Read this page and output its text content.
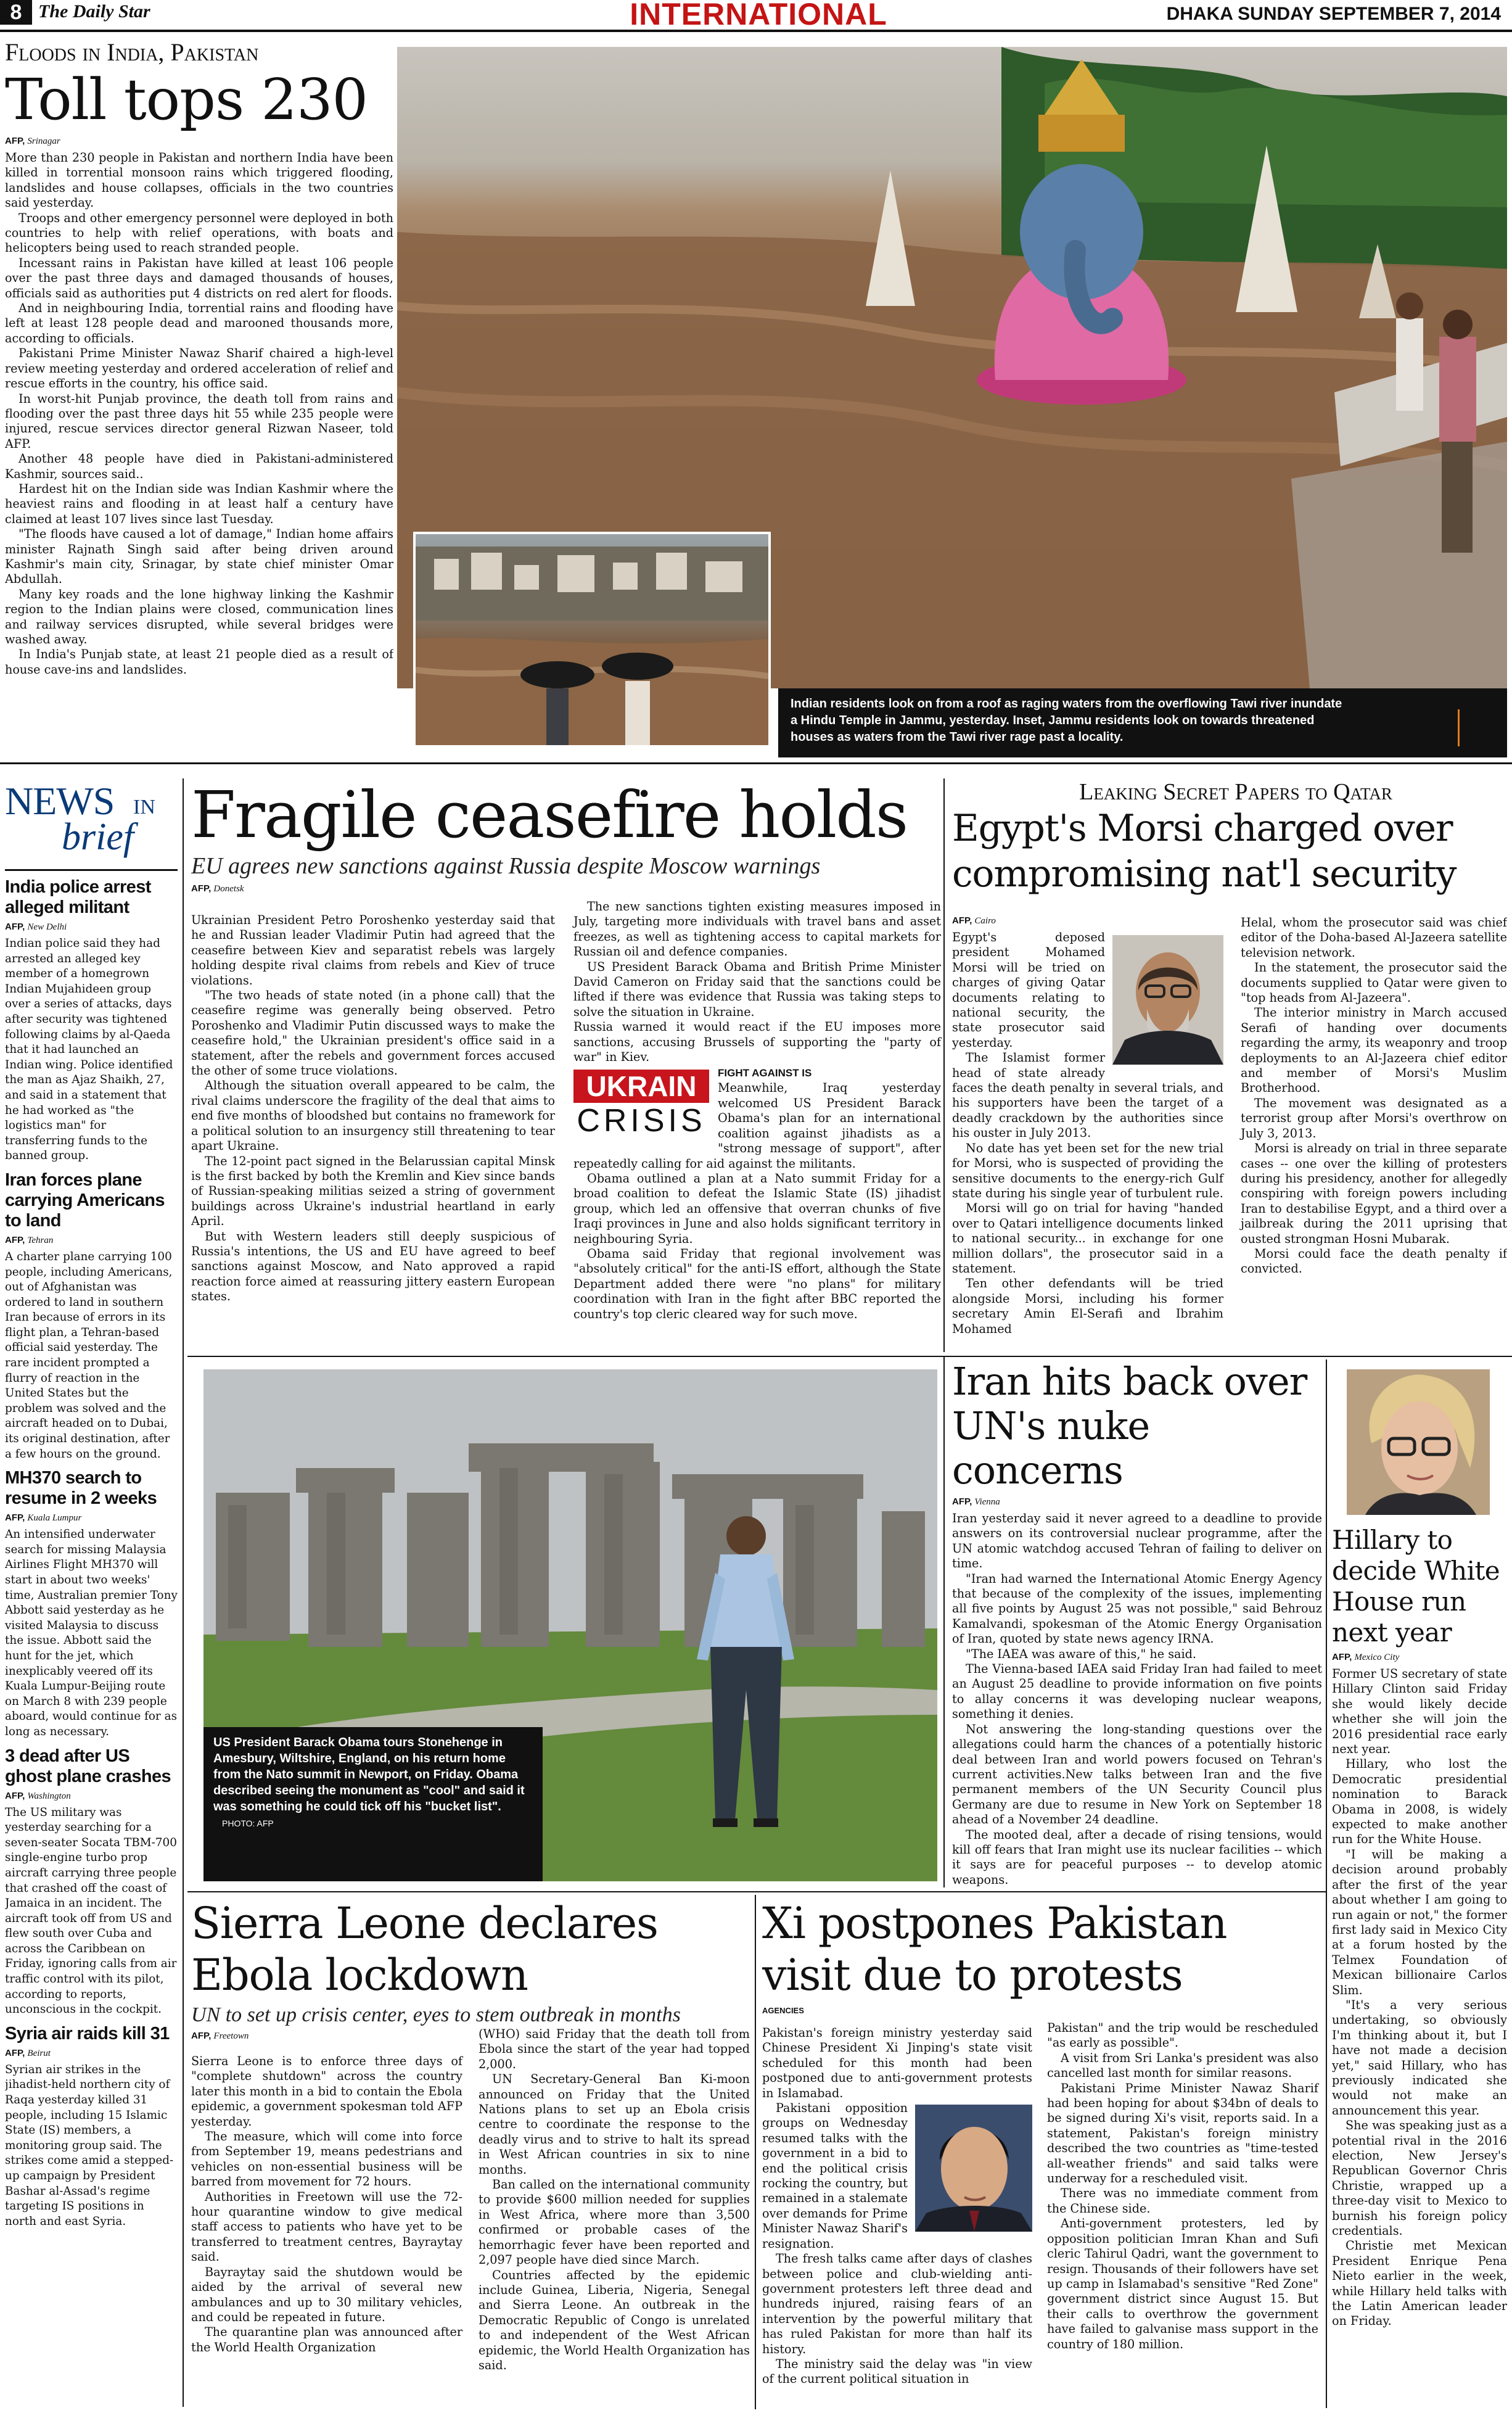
8 The Daily Star	INTERNATIONAL	DHAKA SUNDAY SEPTEMBER 7, 2014
Floods in India, Pakistan
Toll tops 230
AFP, Srinagar

More than 230 people in Pakistan and northern India have been killed in torrential monsoon rains which triggered flooding, landslides and house collapses, officials in the two countries said yesterday.

Troops and other emergency personnel were deployed in both countries to help with relief operations, with boats and helicopters being used to reach stranded people.

Incessant rains in Pakistan have killed at least 106 people over the past three days and damaged thousands of houses, officials said as authorities put 4 districts on red alert for floods.

And in neighbouring India, torrential rains and flooding have left at least 128 people dead and marooned thousands more, according to officials.

Pakistani Prime Minister Nawaz Sharif chaired a high-level review meeting yesterday and ordered acceleration of relief and rescue efforts in the country, his office said.

In worst-hit Punjab province, the death toll from rains and flooding over the past three days hit 55 while 235 people were injured, rescue services director general Rizwan Naseer, told AFP.

Another 48 people have died in Pakistani-administered Kashmir, sources said..

Hardest hit on the Indian side was Indian Kashmir where the heaviest rains and flooding in at least half a century have claimed at least 107 lives since last Tuesday.

"The floods have caused a lot of damage," Indian home affairs minister Rajnath Singh said after being driven around Kashmir's main city, Srinagar, by state chief minister Omar Abdullah.

Many key roads and the lone highway linking the Kashmir region to the Indian plains were closed, communication lines and railway services disrupted, while several bridges were washed away.

In India's Punjab state, at least 21 people died as a result of house cave-ins and landslides.

Indian residents look on from a roof as raging waters from the overflowing Tawi river inundate a Hindu Temple in Jammu, yesterday. Inset, Jammu residents look on towards threatened houses as waters from the Tawi river rage past a locality.
PHOTO:
AFP
NEWS IN
brief
India police arrest alleged militant
AFP, New Delhi

Indian police said they had arrested an alleged key member of a homegrown Indian Mujahideen group over a series of attacks, days after security was tightened following claims by al-Qaeda that it had launched an Indian wing. Police identified the man as Ajaz Shaikh, 27, and said in a statement that he had worked as "the logistics man" for transferring funds to the banned group.

Iran forces plane carrying Americans to land
AFP, Tehran

A charter plane carrying 100 people, including Americans, out of Afghanistan was ordered to land in southern Iran because of errors in its flight plan, a Tehran-based official said yesterday. The rare incident prompted a flurry of reaction in the United States but the problem was solved and the aircraft headed on to Dubai, its original destination, after a few hours on the ground.

MH370 search to resume in 2 weeks
AFP, Kuala Lumpur

An intensified underwater search for missing Malaysia Airlines Flight MH370 will start in about two weeks' time, Australian premier Tony Abbott said yesterday as he visited Malaysia to discuss the issue. Abbott said the hunt for the jet, which inexplicably veered off its Kuala Lumpur-Beijing route on March 8 with 239 people aboard, would continue for as long as necessary.

3 dead after US ghost plane crashes
AFP, Washington

The US military was yesterday searching for a seven-seater Socata TBM-700 single-engine turbo prop aircraft carrying three people that crashed off the coast of Jamaica in an incident. The aircraft took off from US and flew south over Cuba and across the Caribbean on Friday, ignoring calls from air traffic control with its pilot, according to reports, unconscious in the cockpit.

Syria air raids kill 31
AFP, Beirut

Syrian air strikes in the jihadist-held northern city of Raqa yesterday killed 31 people, including 15 Islamic State (IS) members, a monitoring group said. The strikes come amid a stepped-up campaign by President Bashar al-Assad's regime targeting IS positions in north and east Syria.

Fragile ceasefire holds
EU agrees new sanctions against Russia despite Moscow warnings
AFP, Donetsk

Ukrainian President Petro Poroshenko yesterday said that he and Russian leader Vladimir Putin had agreed that the ceasefire between Kiev and separatist rebels was largely holding despite rival claims from rebels and Kiev of truce violations.

"The two heads of state noted (in a phone call) that the ceasefire regime was generally being observed. Petro Poroshenko and Vladimir Putin discussed ways to make the ceasefire hold," the Ukrainian president's office said in a statement, after the rebels and government forces accused the other of some truce violations.

Although the situation overall appeared to be calm, the rival claims underscore the fragility of the deal that aims to end five months of bloodshed but contains no framework for a political solution to an insurgency still threatening to tear apart Ukraine.

The 12-point pact signed in the Belarussian capital Minsk is the first backed by both the Kremlin and Kiev since bands of Russian-speaking militias seized a string of government buildings across Ukraine's industrial heartland in early April.

But with Western leaders still deeply suspicious of Russia's intentions, the US and EU have agreed to beef sanctions against Moscow, and Nato approved a rapid reaction force aimed at reassuring jittery eastern European states.

The new sanctions tighten existing measures imposed in July, targeting more individuals with travel bans and asset freezes, as well as tightening access to capital markets for Russian oil and defence companies.

US President Barack Obama and British Prime Minister David Cameron on Friday said that the sanctions could be lifted if there was evidence that Russia was taking steps to solve the situation in Ukraine.

Russia warned it would react if the EU imposes more sanctions, accusing Brussels of supporting the "party of war" in Kiev.

UKRAIN
CRISIS
FIGHT AGAINST IS

Meanwhile, Iraq yesterday welcomed US President Barack Obama's plan for an international coalition against jihadists as a "strong message of support", after repeatedly calling for aid against the militants.

Obama outlined a plan at a Nato summit Friday for a broad coalition to defeat the Islamic State (IS) jihadist group, which led an offensive that overran chunks of five Iraqi provinces in June and also holds significant territory in neighbouring Syria.

Obama said Friday that regional involvement was "absolutely critical" for the anti-IS effort, although the State Department added there were "no plans" for military coordination with Iran in the fight after BBC reported the country's top cleric cleared way for such move.

Leaking Secret Papers to Qatar
Egypt's Morsi charged over compromising nat'l security
AFP, Cairo

Egypt's deposed president Mohamed Morsi will be tried on charges of giving Qatar documents relating to national security, the state prosecutor said yesterday.

The Islamist former head of state already faces the death penalty in several trials, and his supporters have been the target of a deadly crackdown by the authorities since his ouster in July 2013.

No date has yet been set for the new trial for Morsi, who is suspected of providing the sensitive documents to the energy-rich Gulf state during his single year of turbulent rule.

Morsi will go on trial for having "handed over to Qatari intelligence documents linked to national security... in exchange for one million dollars", the prosecutor said in a statement.

Ten other defendants will be tried alongside Morsi, including his former secretary Amin El-Serafi and Ibrahim Mohamed

Helal, whom the prosecutor said was chief editor of the Doha-based Al-Jazeera satellite television network.

In the statement, the prosecutor said the documents supplied to Qatar were given to "top heads from Al-Jazeera".

The interior ministry in March accused Serafi of handing over documents regarding the army, its weaponry and troop deployments to an Al-Jazeera chief editor and member of Morsi's Muslim Brotherhood.

The movement was designated as a terrorist group after Morsi's overthrow on July 3, 2013.

Morsi is already on trial in three separate cases -- one over the killing of protesters during his presidency, another for allegedly conspiring with foreign powers including Iran to destabilise Egypt, and a third over a jailbreak during the 2011 uprising that ousted strongman Hosni Mubarak.

Morsi could face the death penalty if convicted.

US President Barack Obama tours Stonehenge in Amesbury, Wiltshire, England, on his return home from the Nato summit in Newport, on Friday. Obama described seeing the monument as "cool" and said it was something he could tick off his "bucket list". PHOTO: AFP
Iran hits back over UN's nuke concerns
AFP, Vienna

Iran yesterday said it never agreed to a deadline to provide answers on its controversial nuclear programme, after the UN atomic watchdog accused Tehran of failing to deliver on time.

"Iran had warned the International Atomic Energy Agency that because of the complexity of the issues, implementing all five points by August 25 was not possible," said Behrouz Kamalvandi, spokesman of the Atomic Energy Organisation of Iran, quoted by state news agency IRNA.

"The IAEA was aware of this," he said.

The Vienna-based IAEA said Friday Iran had failed to meet an August 25 deadline to provide information on five points to allay concerns it was developing nuclear weapons, something it denies.

Not answering the long-standing questions over the allegations could harm the chances of a potentially historic deal between Iran and world powers focused on Tehran's current activities.New talks between Iran and the five permanent members of the UN Security Council plus Germany are due to resume in New York on September 18 ahead of a November 24 deadline.

The mooted deal, after a decade of rising tensions, would kill off fears that Iran might use its nuclear facilities -- which it says are for peaceful purposes -- to develop atomic weapons.

Hillary to decide White House run next year
AFP, Mexico City

Former US secretary of state Hillary Clinton said Friday she would likely decide whether she will join the 2016 presidential race early next year.

Hillary, who lost the Democratic presidential nomination to Barack Obama in 2008, is widely expected to make another run for the White House.

"I will be making a decision around probably after the first of the year about whether I am going to run again or not," the former first lady said in Mexico City at a forum hosted by the Telmex Foundation of Mexican billionaire Carlos Slim.

"It's a very serious undertaking, so obviously I'm thinking about it, but I have not made a decision yet," said Hillary, who has previously indicated she would not make an announcement this year.

She was speaking just as a potential rival in the 2016 election, New Jersey's Republican Governor Chris Christie, wrapped up a three-day visit to Mexico to burnish his foreign policy credentials.

Christie met Mexican President Enrique Pena Nieto earlier in the week, while Hillary held talks with the Latin American leader on Friday.

Sierra Leone declares Ebola lockdown
UN to set up crisis center, eyes to stem outbreak in months
AFP, Freetown

Sierra Leone is to enforce three days of "complete shutdown" across the country later this month in a bid to contain the Ebola epidemic, a government spokesman told AFP yesterday.

The measure, which will come into force from September 19, means pedestrians and vehicles on non-essential business will be barred from movement for 72 hours.

Authorities in Freetown will use the 72-hour quarantine window to give medical staff access to patients who have yet to be transferred to treatment centres, Bayraytay said.

Bayraytay said the shutdown would be aided by the arrival of several new ambulances and up to 30 military vehicles, and could be repeated in future.

The quarantine plan was announced after the World Health Organization

(WHO) said Friday that the death toll from Ebola since the start of the year had topped 2,000.

UN Secretary-General Ban Ki-moon announced on Friday that the United Nations plans to set up an Ebola crisis centre to coordinate the response to the deadly virus and to strive to halt its spread in West African countries in six to nine months.

Ban called on the international community to provide $600 million needed for supplies in West Africa, where more than 3,500 confirmed or probable cases of the hemorrhagic fever have been reported and 2,097 people have died since March.

Countries affected by the epidemic include Guinea, Liberia, Nigeria, Senegal and Sierra Leone. An outbreak in the Democratic Republic of Congo is unrelated to and independent of the West African epidemic, the World Health Organization has said.

Xi postpones Pakistan visit due to protests
AGENCIES

Pakistan's foreign ministry yesterday said Chinese President Xi Jinping's state visit scheduled for this month had been postponed due to anti-government protests in Islamabad.

Pakistani opposition groups on Wednesday resumed talks with the government in a bid to end the political crisis rocking the country, but remained in a stalemate over demands for Prime Minister Nawaz Sharif's resignation.

The fresh talks came after days of clashes between police and club-wielding anti-government protesters left three dead and hundreds injured, raising fears of an intervention by the powerful military that has ruled Pakistan for more than half its history.

The ministry said the delay was "in view of the current political situation in

Pakistan" and the trip would be rescheduled "as early as possible".

A visit from Sri Lanka's president was also cancelled last month for similar reasons.

Pakistani Prime Minister Nawaz Sharif had been hoping for about $34bn of deals to be signed during Xi's visit, reports said. In a statement, Pakistan's foreign ministry described the two countries as "time-tested all-weather friends" and said talks were underway for a rescheduled visit.

There was no immediate comment from the Chinese side.

Anti-government protesters, led by opposition politician Imran Khan and Sufi cleric Tahirul Qadri, want the government to resign. Thousands of their followers have set up camp in Islamabad's sensitive "Red Zone" government district since August 15. But their calls to overthrow the government have failed to galvanise mass support in the country of 180 million.
